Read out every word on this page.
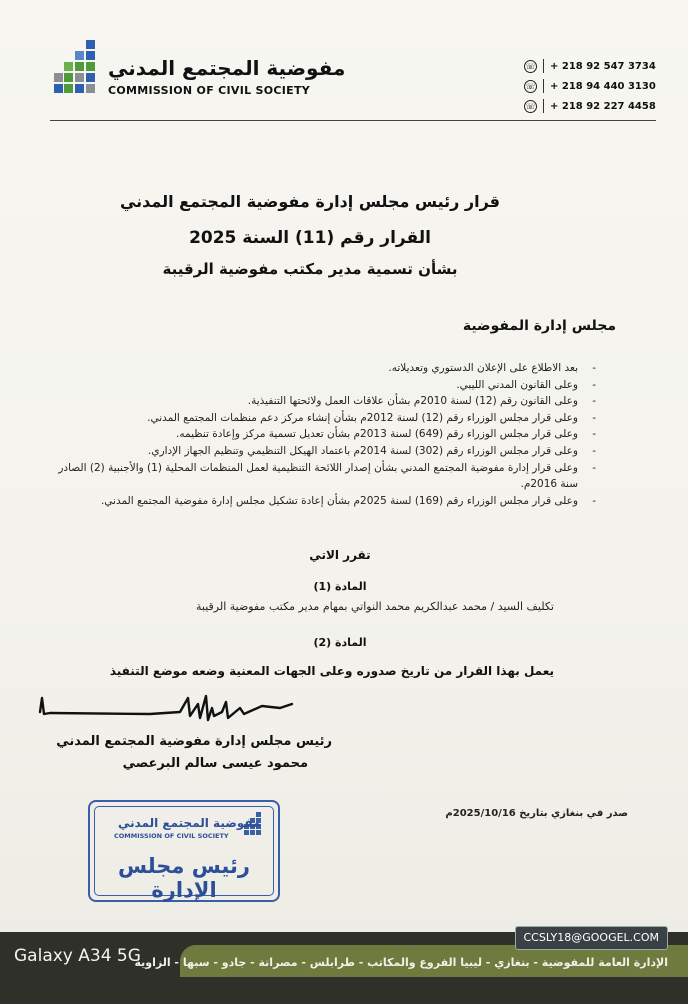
مفوضية المجتمع المدني
COMMISSION OF CIVIL SOCIETY
☏ + 218 92 547 3734
☏ + 218 94 440 3130
☏ + 218 92 227 4458
قرار رئيس مجلس إدارة مفوضية المجتمع المدني
القرار رقم (11) السنة 2025
بشأن تسمية مدير مكتب مفوضية الرقيبة
مجلس إدارة المفوضية
-
بعد الاطلاع على الإعلان الدستوري وتعديلاته.
-
وعلى القانون المدني الليبي.
-
وعلى القانون رقم (12) لسنة 2010م بشأن علاقات العمل ولائحتها التنفيذية.
-
وعلى قرار مجلس الوزراء رقم (12) لسنة 2012م بشأن إنشاء مركز دعم منظمات المجتمع المدني.
-
وعلى قرار مجلس الوزراء رقم (649) لسنة 2013م بشأن تعديل تسمية مركز وإعادة تنظيمه.
-
وعلى قرار مجلس الوزراء رقم (302) لسنة 2014م باعتماد الهيكل التنظيمي وتنظيم الجهاز الإداري.
-
وعلى قرار إدارة مفوضية المجتمع المدني بشأن إصدار اللائحة التنظيمية لعمل المنظمات المحلية (1) والأجنبية (2) الصادر سنة 2016م.
-
وعلى قرار مجلس الوزراء رقم (169) لسنة 2025م بشأن إعادة تشكيل مجلس إدارة مفوضية المجتمع المدني.
تقرر الاتي
المادة (1)
تكليف السيد / محمد عبدالكريم محمد النواتي بمهام مدير مكتب مفوضية الرقيبة
المادة (2)
يعمل بهذا القرار من تاريخ صدوره وعلى الجهات المعنية وضعه موضع التنفيذ
رئيس مجلس إدارة مفوضية المجتمع المدني
محمود عيسى سالم البرعصي
صدر في بنغازي بتاريخ 2025/10/16م
مفوضية المجتمع المدني
COMMISSION OF CIVIL SOCIETY
رئيس مجلس الإدارة
CCSLY18@GOOGEL.COM
الإدارة العامة للمفوضية - بنغازي - ليبيا الفروع والمكاتب - طرابلس - مصراتة - جادو - سبها - الزاوية
Galaxy A34 5G
